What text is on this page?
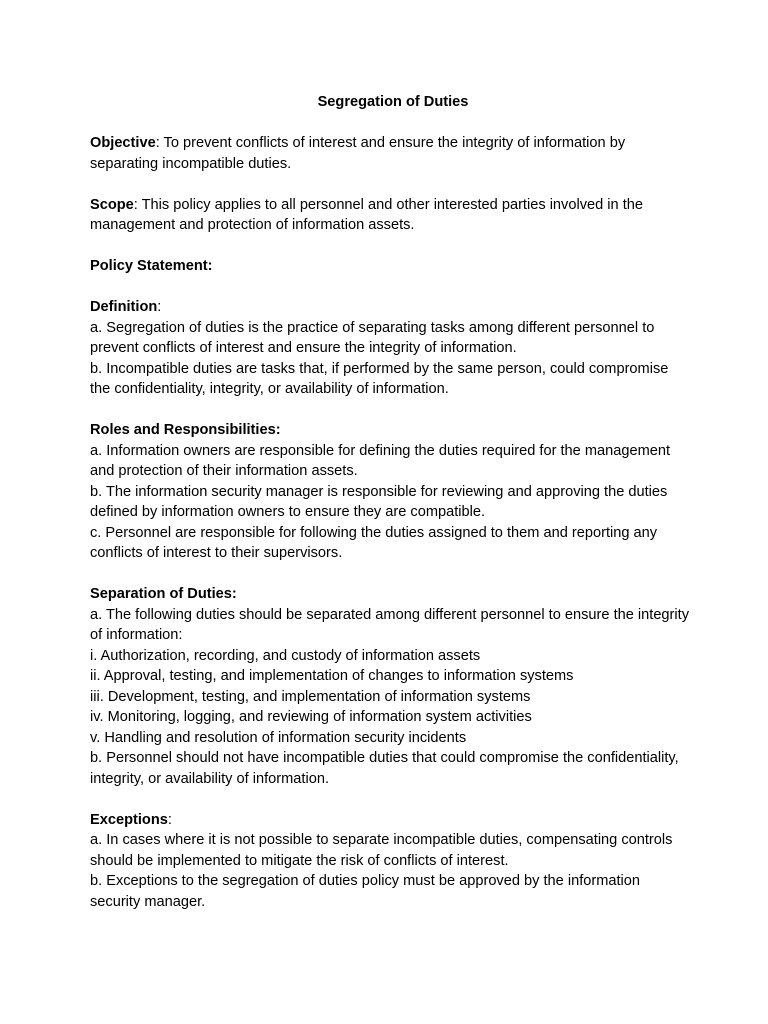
Segregation of Duties
Objective: To prevent conflicts of interest and ensure the integrity of information by separating incompatible duties.
Scope: This policy applies to all personnel and other interested parties involved in the management and protection of information assets.
Policy Statement:
Definition:
a. Segregation of duties is the practice of separating tasks among different personnel to prevent conflicts of interest and ensure the integrity of information.
b. Incompatible duties are tasks that, if performed by the same person, could compromise the confidentiality, integrity, or availability of information.
Roles and Responsibilities:
a. Information owners are responsible for defining the duties required for the management and protection of their information assets.
b. The information security manager is responsible for reviewing and approving the duties defined by information owners to ensure they are compatible.
c. Personnel are responsible for following the duties assigned to them and reporting any conflicts of interest to their supervisors.
Separation of Duties:
a. The following duties should be separated among different personnel to ensure the integrity of information:
i. Authorization, recording, and custody of information assets
ii. Approval, testing, and implementation of changes to information systems
iii. Development, testing, and implementation of information systems
iv. Monitoring, logging, and reviewing of information system activities
v. Handling and resolution of information security incidents
b. Personnel should not have incompatible duties that could compromise the confidentiality, integrity, or availability of information.
Exceptions:
a. In cases where it is not possible to separate incompatible duties, compensating controls should be implemented to mitigate the risk of conflicts of interest.
b. Exceptions to the segregation of duties policy must be approved by the information security manager.
